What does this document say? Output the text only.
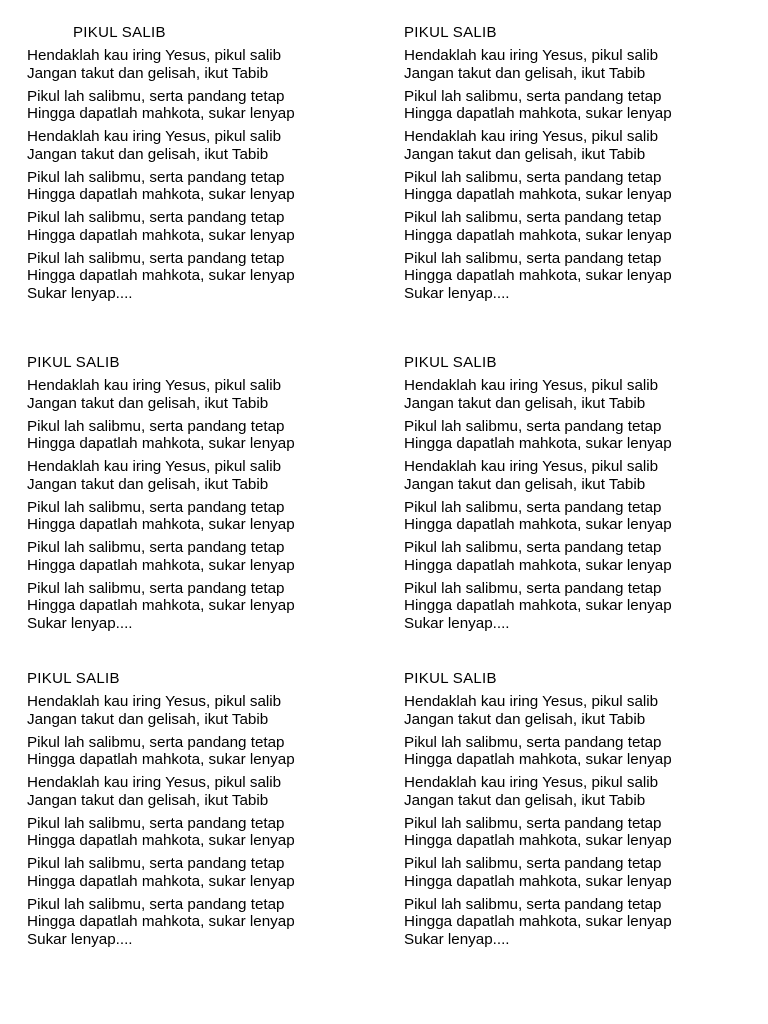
PIKUL SALIB
Hendaklah kau iring Yesus, pikul salib
Jangan takut dan gelisah, ikut Tabib
Pikul lah salibmu, serta pandang tetap
Hingga dapatlah mahkota, sukar lenyap
Hendaklah kau iring Yesus, pikul salib
Jangan takut dan gelisah, ikut Tabib
Pikul lah salibmu, serta pandang tetap
Hingga dapatlah mahkota, sukar lenyap
Pikul lah salibmu, serta pandang tetap
Hingga dapatlah mahkota, sukar lenyap
Pikul lah salibmu, serta pandang tetap
Hingga dapatlah mahkota, sukar lenyap
Sukar lenyap....
PIKUL SALIB
Hendaklah kau iring Yesus, pikul salib
Jangan takut dan gelisah, ikut Tabib
Pikul lah salibmu, serta pandang tetap
Hingga dapatlah mahkota, sukar lenyap
Hendaklah kau iring Yesus, pikul salib
Jangan takut dan gelisah, ikut Tabib
Pikul lah salibmu, serta pandang tetap
Hingga dapatlah mahkota, sukar lenyap
Pikul lah salibmu, serta pandang tetap
Hingga dapatlah mahkota, sukar lenyap
Pikul lah salibmu, serta pandang tetap
Hingga dapatlah mahkota, sukar lenyap
Sukar lenyap....
PIKUL SALIB
Hendaklah kau iring Yesus, pikul salib
Jangan takut dan gelisah, ikut Tabib
Pikul lah salibmu, serta pandang tetap
Hingga dapatlah mahkota, sukar lenyap
Hendaklah kau iring Yesus, pikul salib
Jangan takut dan gelisah, ikut Tabib
Pikul lah salibmu, serta pandang tetap
Hingga dapatlah mahkota, sukar lenyap
Pikul lah salibmu, serta pandang tetap
Hingga dapatlah mahkota, sukar lenyap
Pikul lah salibmu, serta pandang tetap
Hingga dapatlah mahkota, sukar lenyap
Sukar lenyap....
PIKUL SALIB
Hendaklah kau iring Yesus, pikul salib
Jangan takut dan gelisah, ikut Tabib
Pikul lah salibmu, serta pandang tetap
Hingga dapatlah mahkota, sukar lenyap
Hendaklah kau iring Yesus, pikul salib
Jangan takut dan gelisah, ikut Tabib
Pikul lah salibmu, serta pandang tetap
Hingga dapatlah mahkota, sukar lenyap
Pikul lah salibmu, serta pandang tetap
Hingga dapatlah mahkota, sukar lenyap
Pikul lah salibmu, serta pandang tetap
Hingga dapatlah mahkota, sukar lenyap
Sukar lenyap....
PIKUL SALIB
Hendaklah kau iring Yesus, pikul salib
Jangan takut dan gelisah, ikut Tabib
Pikul lah salibmu, serta pandang tetap
Hingga dapatlah mahkota, sukar lenyap
Hendaklah kau iring Yesus, pikul salib
Jangan takut dan gelisah, ikut Tabib
Pikul lah salibmu, serta pandang tetap
Hingga dapatlah mahkota, sukar lenyap
Pikul lah salibmu, serta pandang tetap
Hingga dapatlah mahkota, sukar lenyap
Pikul lah salibmu, serta pandang tetap
Hingga dapatlah mahkota, sukar lenyap
Sukar lenyap....
PIKUL SALIB
Hendaklah kau iring Yesus, pikul salib
Jangan takut dan gelisah, ikut Tabib
Pikul lah salibmu, serta pandang tetap
Hingga dapatlah mahkota, sukar lenyap
Hendaklah kau iring Yesus, pikul salib
Jangan takut dan gelisah, ikut Tabib
Pikul lah salibmu, serta pandang tetap
Hingga dapatlah mahkota, sukar lenyap
Pikul lah salibmu, serta pandang tetap
Hingga dapatlah mahkota, sukar lenyap
Pikul lah salibmu, serta pandang tetap
Hingga dapatlah mahkota, sukar lenyap
Sukar lenyap....
